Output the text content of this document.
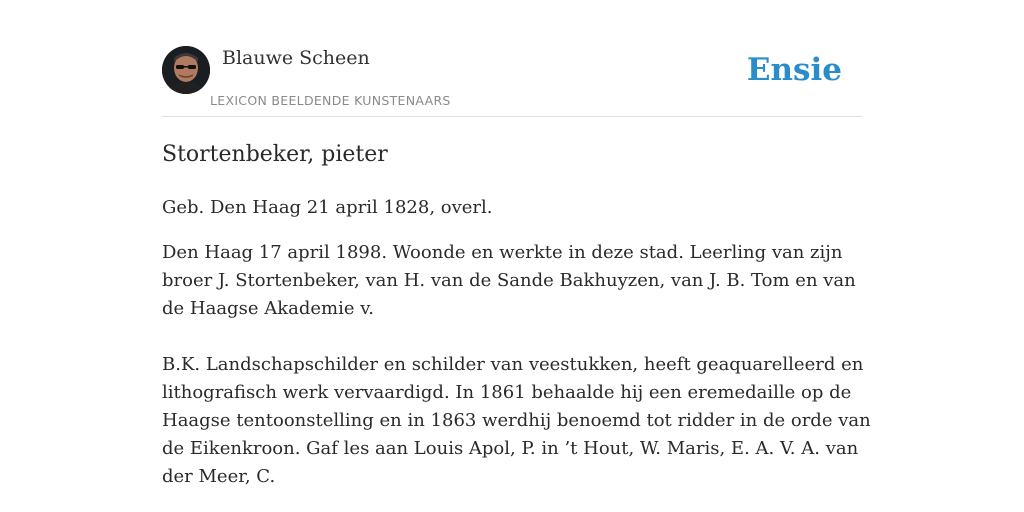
Blauwe Scheen
LEXICON BEELDENDE KUNSTENAARS
Ensie
Stortenbeker, pieter

Geb. Den Haag 21 april 1828, overl.

Den Haag 17 april 1898. Woonde en werkte in deze stad. Leerling van zijn broer J. Stortenbeker, van H. van de Sande Bakhuyzen, van J. B. Tom en van de Haagse Akademie v.

B.K. Landschapschilder en schilder van veestukken, heeft geaquarelleerd en lithografisch werk vervaardigd. In 1861 behaalde hij een eremedaille op de Haagse tentoonstelling en in 1863 werdhij benoemd tot ridder in de orde van de Eikenkroon. Gaf les aan Louis Apol, P. in ’t Hout, W. Maris, E. A. V. A. van der Meer, C.
